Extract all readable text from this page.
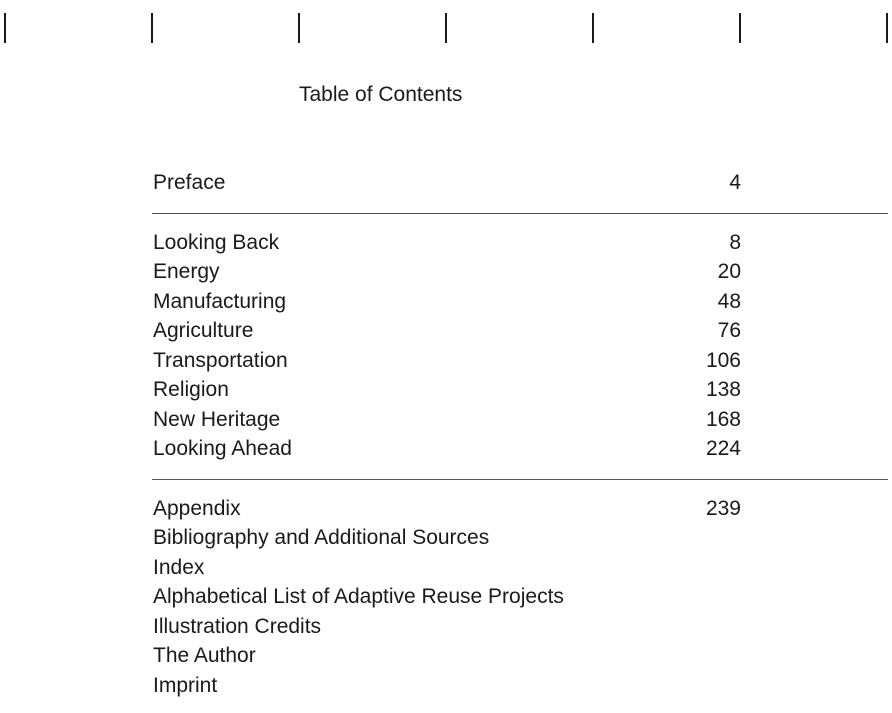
Table of Contents
Preface	4
Looking Back	8
Energy	20
Manufacturing	48
Agriculture	76
Transportation	106
Religion	138
New Heritage	168
Looking Ahead	224
Appendix	239
Bibliography and Additional Sources
Index
Alphabetical List of Adaptive Reuse Projects
Illustration Credits
The Author
Imprint
